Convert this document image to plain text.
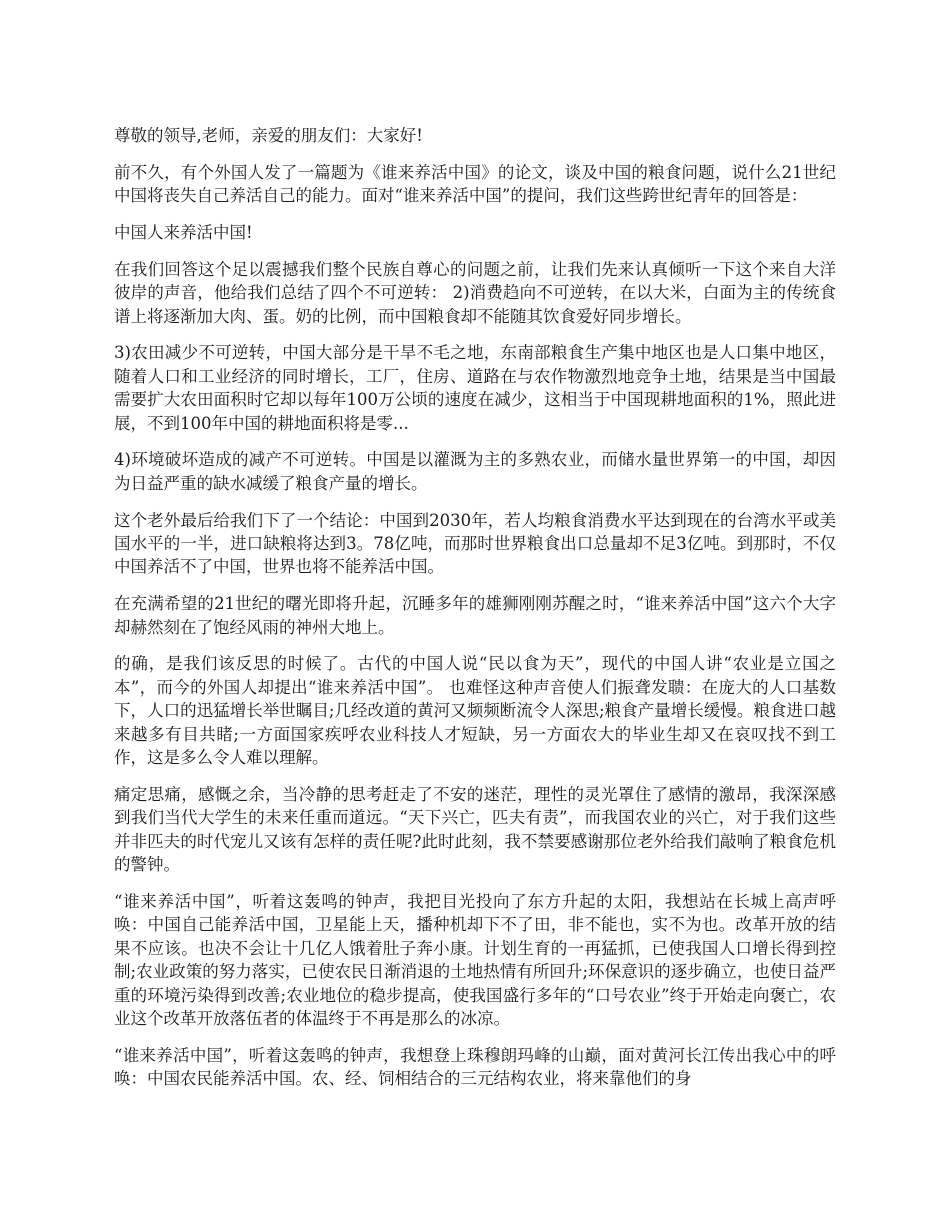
尊敬的领导,老师，亲爱的朋友们：大家好!

前不久，有个外国人发了一篇题为《谁来养活中国》的论文，谈及中国的粮食问题，说什么21世纪中国将丧失自己养活自己的能力。面对“谁来养活中国”的提问，我们这些跨世纪青年的回答是：

中国人来养活中国!

在我们回答这个足以震撼我们整个民族自尊心的问题之前，让我们先来认真倾听一下这个来自大洋彼岸的声音，他给我们总结了四个不可逆转： 2)消费趋向不可逆转，在以大米，白面为主的传统食谱上将逐渐加大肉、蛋。奶的比例，而中国粮食却不能随其饮食爱好同步增长。

3)农田减少不可逆转，中国大部分是干旱不毛之地，东南部粮食生产集中地区也是人口集中地区，随着人口和工业经济的同时增长，工厂，住房、道路在与农作物激烈地竞争土地，结果是当中国最需要扩大农田面积时它却以每年100万公顷的速度在减少，这相当于中国现耕地面积的1%，照此进展，不到100年中国的耕地面积将是零...

4)环境破坏造成的减产不可逆转。中国是以灌溉为主的多熟农业，而储水量世界第一的中国，却因为日益严重的缺水减缓了粮食产量的增长。

这个老外最后给我们下了一个结论：中国到2030年，若人均粮食消费水平达到现在的台湾水平或美国水平的一半，进口缺粮将达到3。78亿吨，而那时世界粮食出口总量却不足3亿吨。到那时，不仅中国养活不了中国，世界也将不能养活中国。

在充满希望的21世纪的曙光即将升起，沉睡多年的雄狮刚刚苏醒之时，“谁来养活中国”这六个大字却赫然刻在了饱经风雨的神州大地上。

的确，是我们该反思的时候了。古代的中国人说“民以食为天”，现代的中国人讲“农业是立国之本”，而今的外国人却提出“谁来养活中国”。 也难怪这种声音使人们振聋发聩：在庞大的人口基数下，人口的迅猛增长举世瞩目;几经改道的黄河又频频断流令人深思;粮食产量增长缓慢。粮食进口越来越多有目共睹;一方面国家疾呼农业科技人才短缺，另一方面农大的毕业生却又在哀叹找不到工作，这是多么令人难以理解。

痛定思痛，感慨之余，当冷静的思考赶走了不安的迷茫，理性的灵光罩住了感情的激昂，我深深感到我们当代大学生的未来任重而道远。“天下兴亡，匹夫有责”，而我国农业的兴亡，对于我们这些并非匹夫的时代宠儿又该有怎样的责任呢?此时此刻，我不禁要感谢那位老外给我们敲响了粮食危机的警钟。

“谁来养活中国”，听着这轰鸣的钟声，我把目光投向了东方升起的太阳，我想站在长城上高声呼唤：中国自己能养活中国，卫星能上天，播种机却下不了田，非不能也，实不为也。改革开放的结果不应该。也决不会让十几亿人饿着肚子奔小康。计划生育的一再猛抓，已使我国人口增长得到控制;农业政策的努力落实，已使农民日渐消退的土地热情有所回升;环保意识的逐步确立，也使日益严重的环境污染得到改善;农业地位的稳步提高，使我国盛行多年的“口号农业”终于开始走向褒亡，农业这个改革开放落伍者的体温终于不再是那么的冰凉。

“谁来养活中国”，听着这轰鸣的钟声，我想登上珠穆朗玛峰的山巅，面对黄河长江传出我心中的呼唤：中国农民能养活中国。农、经、饲相结合的三元结构农业，将来靠他们的身
